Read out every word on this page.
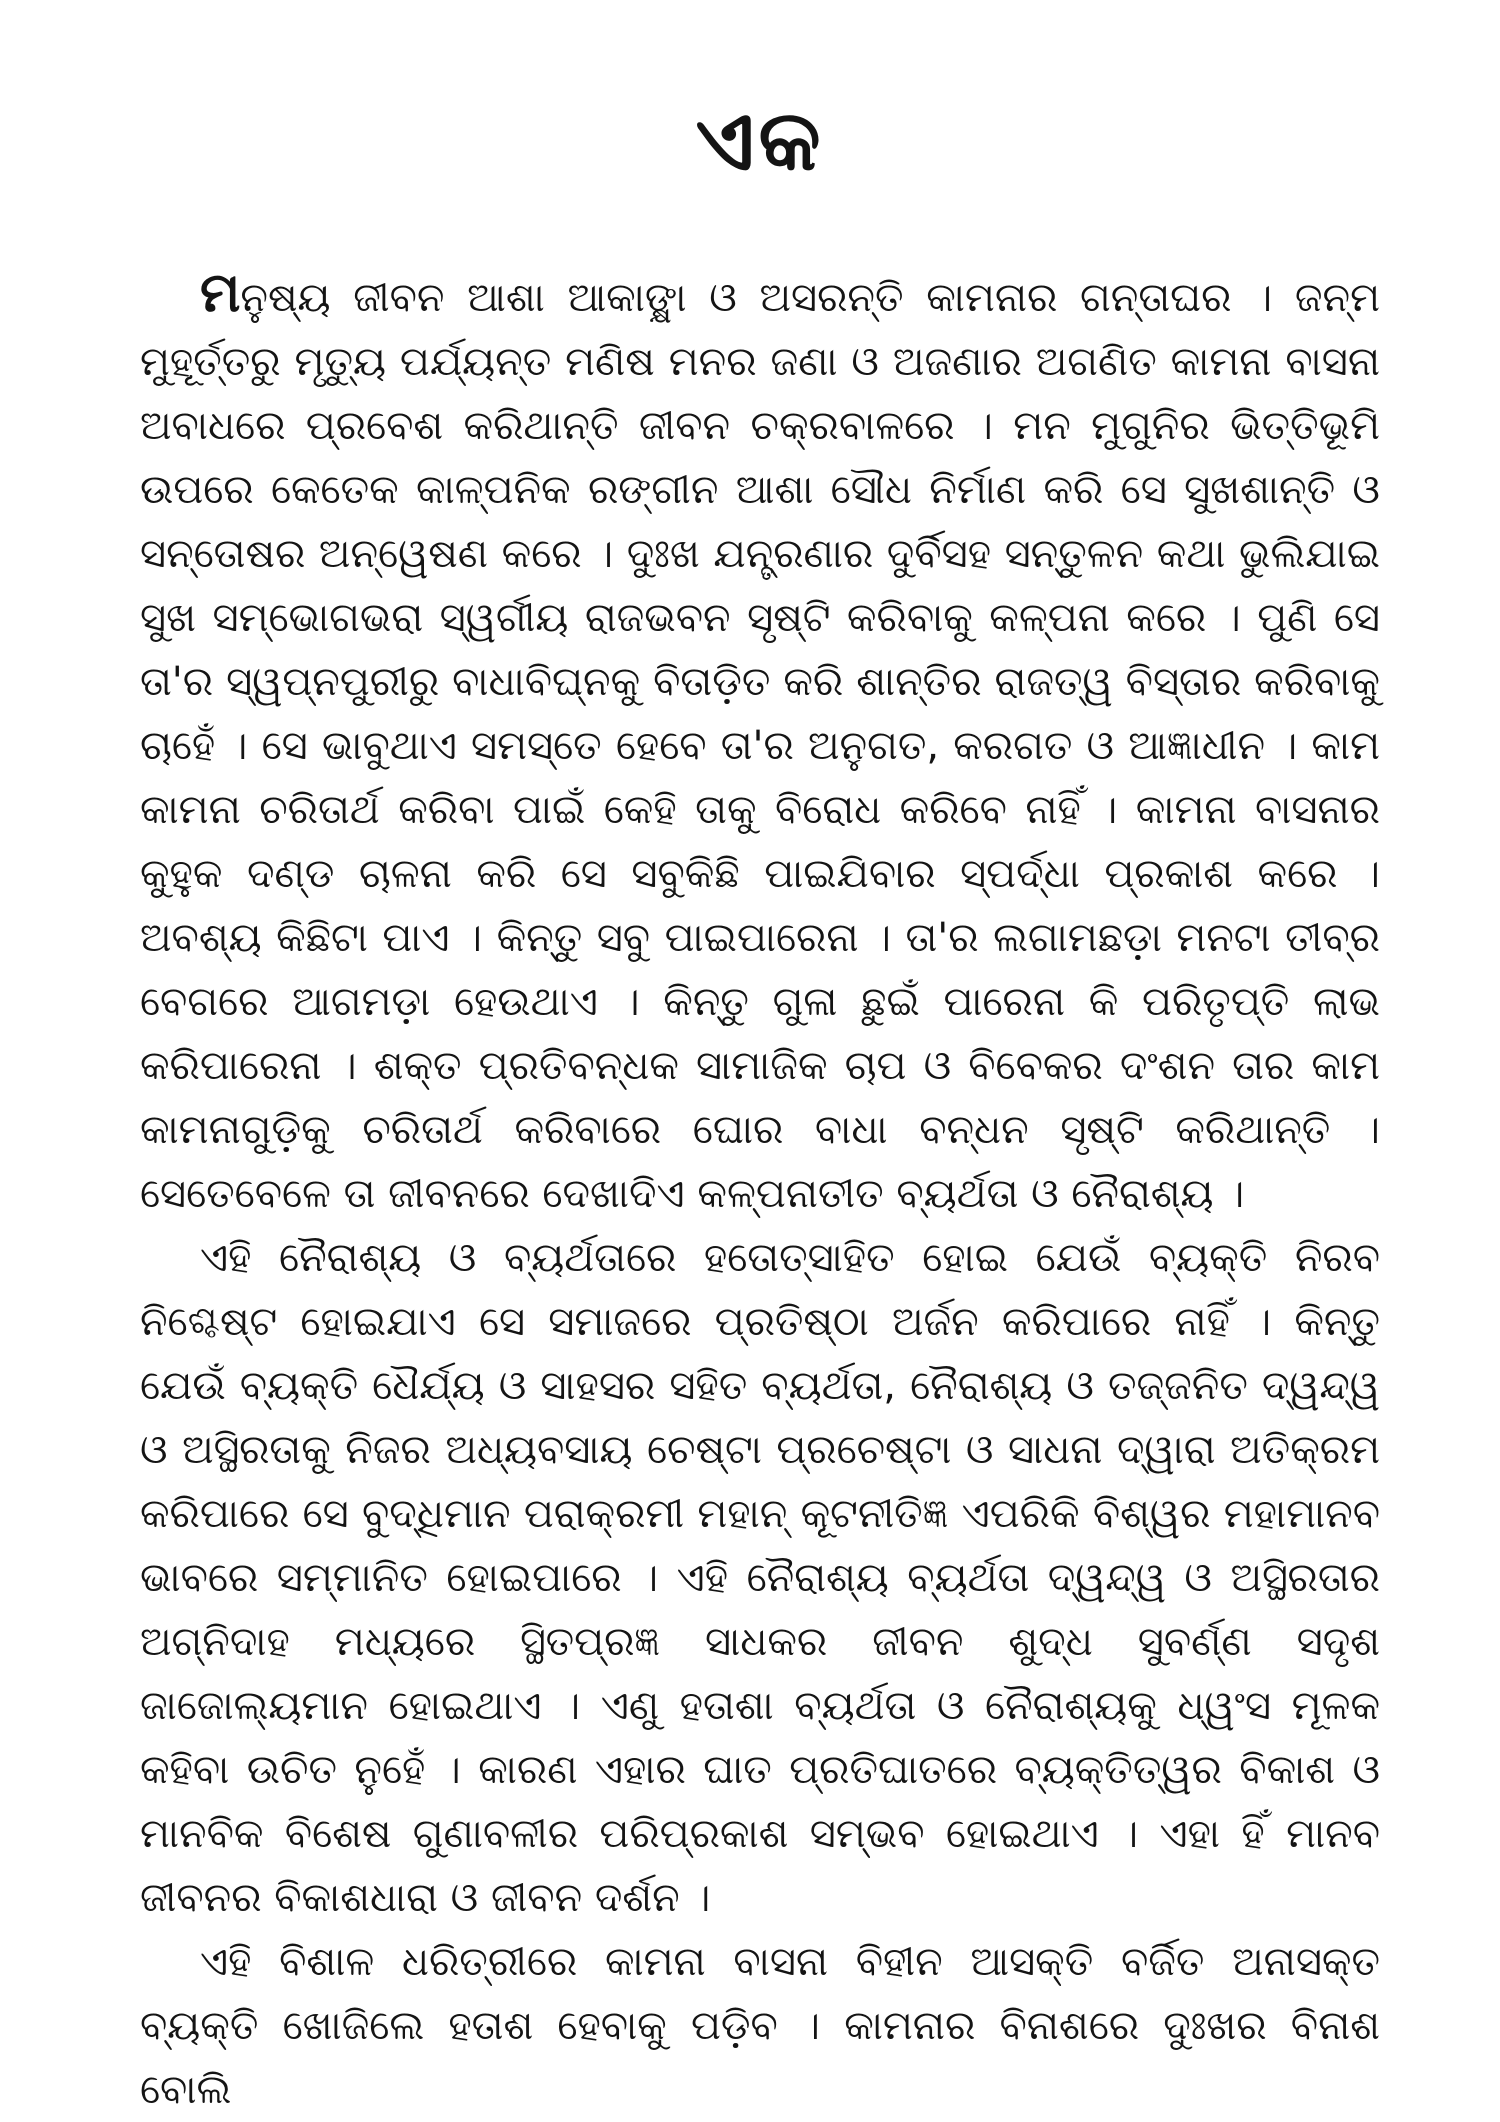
ଏକ

ମନୁଷ୍ୟ ଜୀବନ ଆଶା ଆକାଙ୍କ୍ଷା ଓ ଅସରନ୍ତି କାମନାର ଗନ୍ତାଘର । ଜନ୍ମ ମୁହୂର୍ତ୍ତରୁ ମୃତ୍ୟୁ ପର୍ଯ୍ୟନ୍ତ ମଣିଷ ମନର ଜଣା ଓ ଅଜଣାର ଅଗଣିତ କାମନା ବାସନା ଅବାଧରେ ପ୍ରବେଶ କରିଥାନ୍ତି ଜୀବନ ଚକ୍ରବାଳରେ । ମନ ମୁଗୁନିର ଭିତ୍ତିଭୂମି ଉପରେ କେତେକ କାଳ୍ପନିକ ରଙ୍ଗୀନ ଆଶା ସୌଧ ନିର୍ମାଣ କରି ସେ ସୁଖଶାନ୍ତି ଓ ସନ୍ତୋଷର ଅନ୍ୱେଷଣ କରେ । ଦୁଃଖ ଯନ୍ତ୍ରଣାର ଦୁର୍ବିସହ ସନ୍ତୁଳନ କଥା ଭୁଲିଯାଇ ସୁଖ ସମ୍ଭୋଗଭରା ସ୍ୱର୍ଗୀୟ ରାଜଭବନ ସୃଷ୍ଟି କରିବାକୁ କଳ୍ପନା କରେ । ପୁଣି ସେ ତା'ର ସ୍ୱପ୍ନପୁରୀରୁ ବାଧାବିଘ୍ନକୁ ବିତାଡ଼ିତ କରି ଶାନ୍ତିର ରାଜତ୍ୱ ବିସ୍ତାର କରିବାକୁ ଚାହେଁ । ସେ ଭାବୁଥାଏ ସମସ୍ତେ ହେବେ ତା'ର ଅନୁଗତ, କରଗତ ଓ ଆଜ୍ଞାଧୀନ । କାମ କାମନା ଚରିତାର୍ଥ କରିବା ପାଇଁ କେହି ତାକୁ ବିରୋଧ କରିବେ ନାହିଁ । କାମନା ବାସନାର କୁହୁକ ଦଣ୍ଡ ଚାଳନା କରି ସେ ସବୁକିଛି ପାଇଯିବାର ସ୍ପର୍ଦ୍ଧା ପ୍ରକାଶ କରେ । ଅବଶ୍ୟ କିଛିଟା ପାଏ । କିନ୍ତୁ ସବୁ ପାଇପାରେନା । ତା'ର ଲଗାମଛଡ଼ା ମନଟା ତୀବ୍ର ବେଗରେ ଆଗମଡ଼ା ହେଉଥାଏ । କିନ୍ତୁ ଗୁଳା ଛୁଇଁ ପାରେନା କି ପରିତୃପ୍ତି ଲାଭ କରିପାରେନା । ଶକ୍ତ ପ୍ରତିବନ୍ଧକ ସାମାଜିକ ଚାପ ଓ ବିବେକର ଦଂଶନ ତାର କାମ କାମନାଗୁଡ଼ିକୁ ଚରିତାର୍ଥ କରିବାରେ ଘୋର ବାଧା ବନ୍ଧନ ସୃଷ୍ଟି କରିଥାନ୍ତି । ସେତେବେଳେ ତା ଜୀବନରେ ଦେଖାଦିଏ କଳ୍ପନାତୀତ ବ୍ୟର୍ଥତା ଓ ନୈରାଶ୍ୟ ।

ଏହି ନୈରାଶ୍ୟ ଓ ବ୍ୟର୍ଥତାରେ ହତୋତ୍ସାହିତ ହୋଇ ଯେଉଁ ବ୍ୟକ୍ତି ନିରବ ନିଶ୍ଚେଷ୍ଟ ହୋଇଯାଏ ସେ ସମାଜରେ ପ୍ରତିଷ୍ଠା ଅର୍ଜନ କରିପାରେ ନାହିଁ । କିନ୍ତୁ ଯେଉଁ ବ୍ୟକ୍ତି ଧୈର୍ଯ୍ୟ ଓ ସାହସର ସହିତ ବ୍ୟର୍ଥତା, ନୈରାଶ୍ୟ ଓ ତଜ୍ଜନିତ ଦ୍ୱନ୍ଦ୍ୱ ଓ ଅସ୍ଥିରତାକୁ ନିଜର ଅଧ୍ୟବସାୟ ଚେଷ୍ଟା ପ୍ରଚେଷ୍ଟା ଓ ସାଧନା ଦ୍ୱାରା ଅତିକ୍ରମ କରିପାରେ ସେ ବୁଦ୍ଧିମାନ ପରାକ୍ରମୀ ମହାନ୍ କୂଟନୀତିଜ୍ଞ ଏପରିକି ବିଶ୍ୱର ମହାମାନବ ଭାବରେ ସମ୍ମାନିତ ହୋଇପାରେ । ଏହି ନୈରାଶ୍ୟ ବ୍ୟର୍ଥତା ଦ୍ୱନ୍ଦ୍ୱ ଓ ଅସ୍ଥିରତାର ଅଗ୍ନିଦାହ ମଧ୍ୟରେ ସ୍ଥିତପ୍ରଜ୍ଞ ସାଧକର ଜୀବନ ଶୁଦ୍ଧ ସୁବର୍ଣ୍ଣ ସଦୃଶ ଜାଜୋଲ୍ୟମାନ ହୋଇଥାଏ । ଏଣୁ ହତାଶା ବ୍ୟର୍ଥତା ଓ ନୈରାଶ୍ୟକୁ ଧ୍ୱଂସ ମୂଳକ କହିବା ଉଚିତ ନୁହେଁ । କାରଣ ଏହାର ଘାତ ପ୍ରତିଘାତରେ ବ୍ୟକ୍ତିତ୍ୱର ବିକାଶ ଓ ମାନବିକ ବିଶେଷ ଗୁଣାବଳୀର ପରିପ୍ରକାଶ ସମ୍ଭବ ହୋଇଥାଏ । ଏହା ହିଁ ମାନବ ଜୀବନର ବିକାଶଧାରା ଓ ଜୀବନ ଦର୍ଶନ ।

ଏହି ବିଶାଳ ଧରିତ୍ରୀରେ କାମନା ବାସନା ବିହୀନ ଆସକ୍ତି ବର୍ଜିତ ଅନାସକ୍ତ ବ୍ୟକ୍ତି ଖୋଜିଲେ ହତାଶ ହେବାକୁ ପଡ଼ିବ । କାମନାର ବିନାଶରେ ଦୁଃଖର ବିନାଶ ବୋଲି
